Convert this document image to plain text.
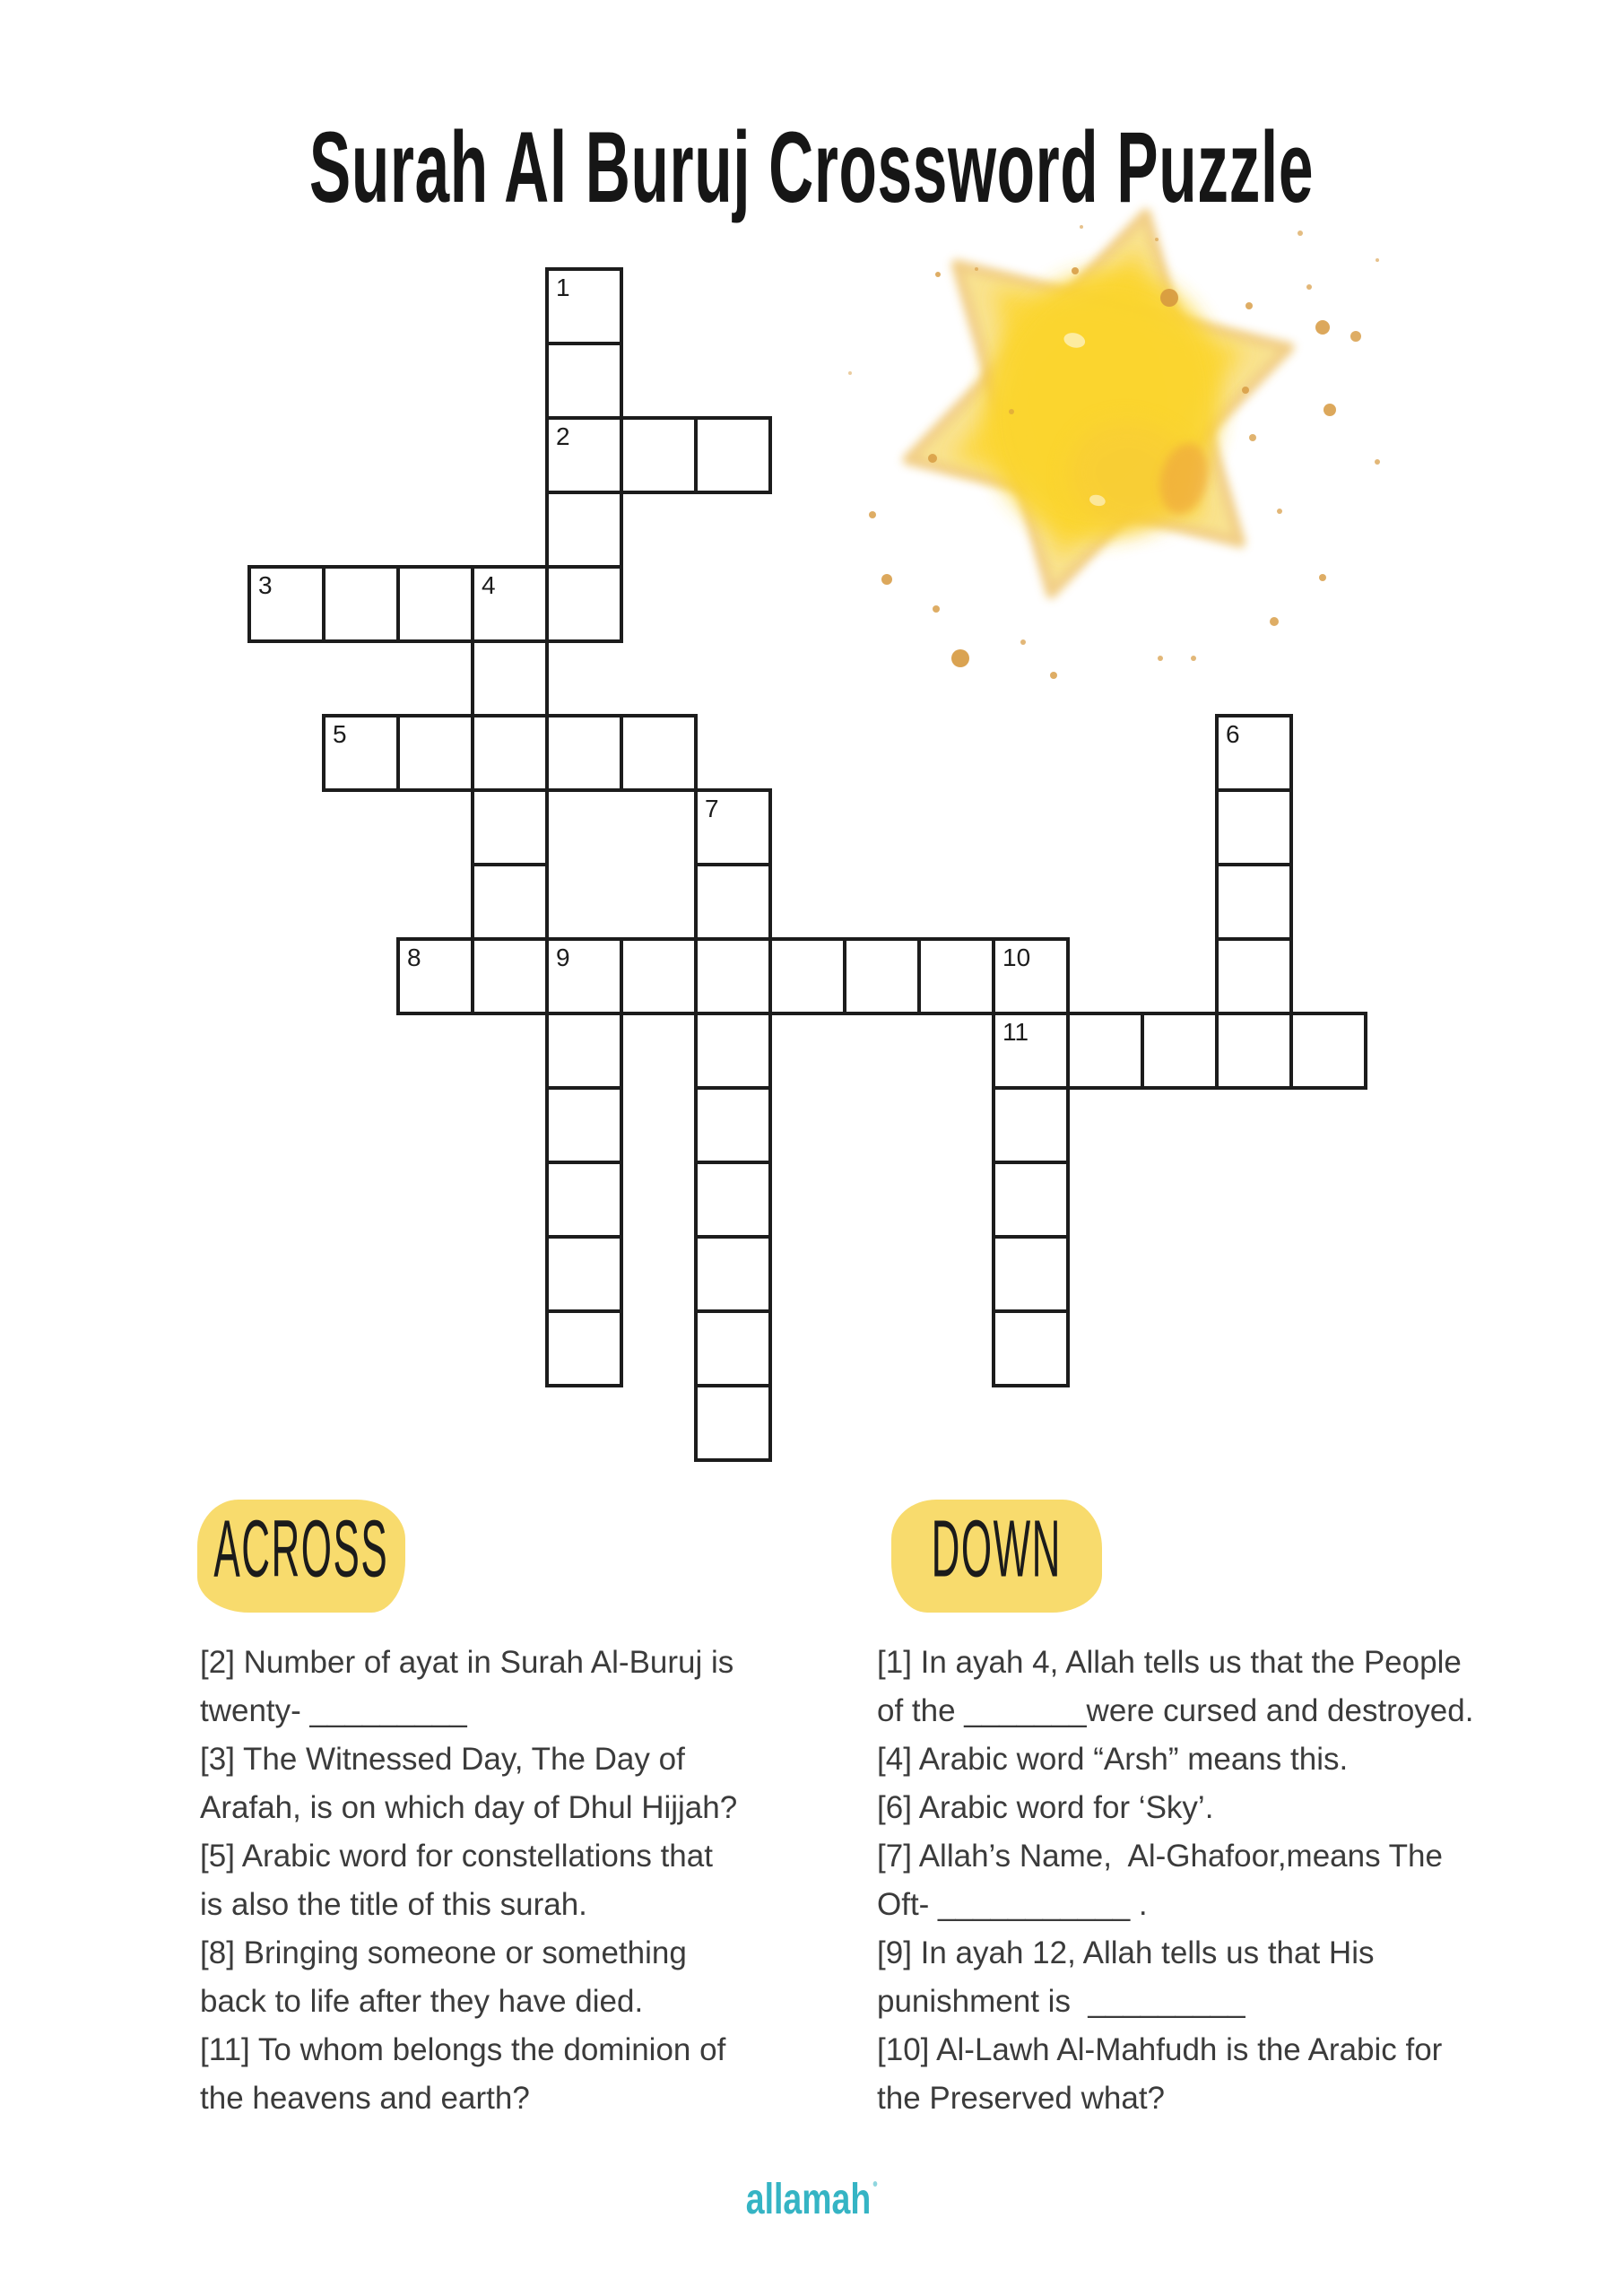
Surah Al Buruj Crossword Puzzle
1
2
3	4
5	6
7
8	9	10
11
ACROSS	DOWN
[2] Number of ayat in Surah Al-Buruj is
twenty- _________
[3] The Witnessed Day, The Day of
Arafah, is on which day of Dhul Hijjah?
[5] Arabic word for constellations that
is also the title of this surah.
[8] Bringing someone or something
back to life after they have died.
[11] To whom belongs the dominion of
the heavens and earth?
[1] In ayah 4, Allah tells us that the People
of the _______were cursed and destroyed.
[4] Arabic word “Arsh” means this.
[6] Arabic word for ‘Sky’.
[7] Allah’s Name,  Al-Ghafoor,means The
Oft- ___________ .
[9] In ayah 12, Allah tells us that His
punishment is  _________
[10] Al-Lawh Al-Mahfudh is the Arabic for
the Preserved what?
allamah
